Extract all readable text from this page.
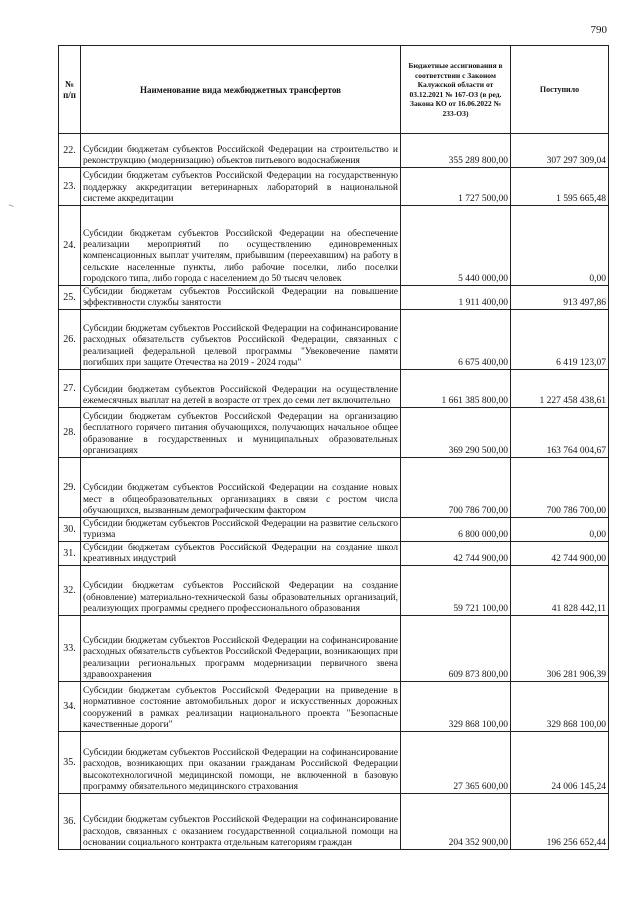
790
№ п/п	Наименование вида межбюджетных трансфертов	Бюджетные ассигнования в соответствии с Законом Калужской области от 03.12.2021 № 167-ОЗ (в ред. Закона КО от 16.06.2022 № 233-ОЗ)	Поступило
22.	Субсидии бюджетам субъектов Российской Федерации на строительство и реконструкцию (модернизацию) объектов питьевого водоснабжения	355 289 800,00	307 297 309,04
23.	Субсидии бюджетам субъектов Российской Федерации на государственную поддержку аккредитации ветеринарных лабораторий в национальной системе аккредитации	1 727 500,00	1 595 665,48
24.	Субсидии бюджетам субъектов Российской Федерации на обеспечение реализации мероприятий по осуществлению единовременных компенсационных выплат учителям, прибывшим (переехавшим) на работу в сельские населенные пункты, либо рабочие поселки, либо поселки городского типа, либо города с населением до 50 тысяч человек	5 440 000,00	0,00
25.	Субсидии бюджетам субъектов Российской Федерации на повышение эффективности службы занятости	1 911 400,00	913 497,86
26.	Субсидии бюджетам субъектов Российской Федерации на софинансирование расходных обязательств субъектов Российской Федерации, связанных с реализацией федеральной целевой программы "Увековечение памяти погибших при защите Отечества на 2019 - 2024 годы"	6 675 400,00	6 419 123,07
27.	Субсидии бюджетам субъектов Российской Федерации на осуществление ежемесячных выплат на детей в возрасте от трех до семи лет включительно	1 661 385 800,00	1 227 458 438,61
28.	Субсидии бюджетам субъектов Российской Федерации на организацию бесплатного горячего питания обучающихся, получающих начальное общее образование в государственных и муниципальных образовательных организациях	369 290 500,00	163 764 004,67
29.	Субсидии бюджетам субъектов Российской Федерации на создание новых мест в общеобразовательных организациях в связи с ростом числа обучающихся, вызванным демографическим фактором	700 786 700,00	700 786 700,00
30.	Субсидии бюджетам субъектов Российской Федерации на развитие сельского туризма	6 800 000,00	0,00
31.	Субсидии бюджетам субъектов Российской Федерации на создание школ креативных индустрий	42 744 900,00	42 744 900,00
32.	Субсидии бюджетам субъектов Российской Федерации на создание (обновление) материально-технической базы образовательных организаций, реализующих программы среднего профессионального образования	59 721 100,00	41 828 442,11
33.	Субсидии бюджетам субъектов Российской Федерации на софинансирование расходных обязательств субъектов Российской Федерации, возникающих при реализации региональных программ модернизации первичного звена здравоохранения	609 873 800,00	306 281 906,39
34.	Субсидии бюджетам субъектов Российской Федерации на приведение в нормативное состояние автомобильных дорог и искусственных дорожных сооружений в рамках реализации национального проекта "Безопасные качественные дороги"	329 868 100,00	329 868 100,00
35.	Субсидии бюджетам субъектов Российской Федерации на софинансирование расходов, возникающих при оказании гражданам Российской Федерации высокотехнологичной медицинской помощи, не включенной в базовую программу обязательного медицинского страхования	27 365 600,00	24 006 145,24
36.	Субсидии бюджетам субъектов Российской Федерации на софинансирование расходов, связанных с оказанием государственной социальной помощи на основании социального контракта отдельным категориям граждан	204 352 900,00	196 256 652,44
